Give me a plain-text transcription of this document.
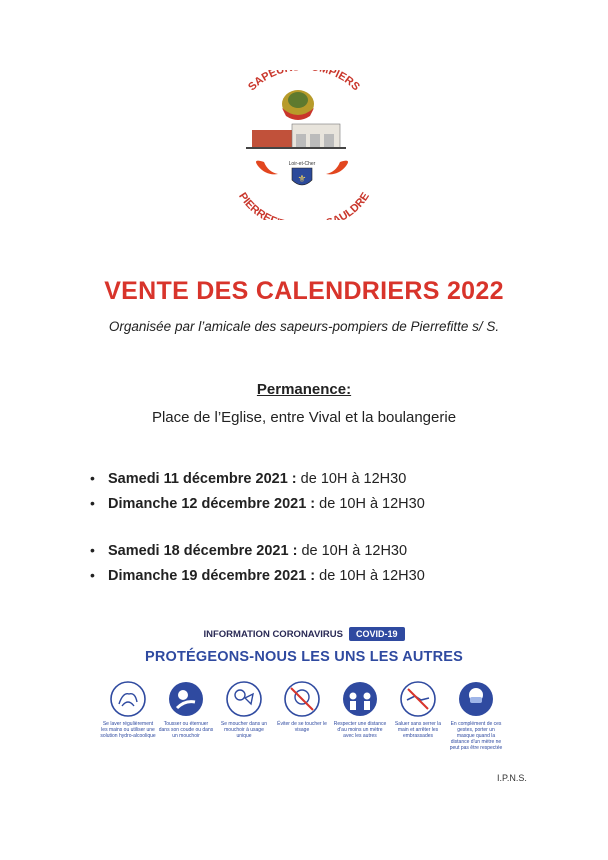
SAPEU PIERS
Loir-et-Cher
⚜
PIERRE ULDRE
VENTE DES CALENDRIERS 2022
Organisée par l’amicale des sapeurs-pompiers de Pierrefitte s/ S.
Permanence:
Place de l’Eglise, entre Vival et la boulangerie
• Samedi 11 décembre 2021 : de 10H à 12H30
• Dimanche 12 décembre 2021 : de 10H à 12H30
• Samedi 18 décembre 2021 : de 10H à 12H30
• Dimanche 19 décembre 2021 : de 10H à 12H30
INFORMATION CORONAVIRUS COVID-19
PROTÉGEONS-NOUS LES UNS LES AUTRES
Se laver régulièrement les mains ou utiliser une solution hydro-alcoolique
Tousser ou éternuer dans son coude ou dans un mouchoir
Se moucher dans un mouchoir à usage unique
Éviter de se toucher le visage
Respecter une distance d'au moins un mètre avec les autres
Saluer sans serrer la main et arrêter les embrassades
En complément de ces gestes, porter un masque quand la distance d'un mètre ne peut pas être respectée
I.P.N.S.
